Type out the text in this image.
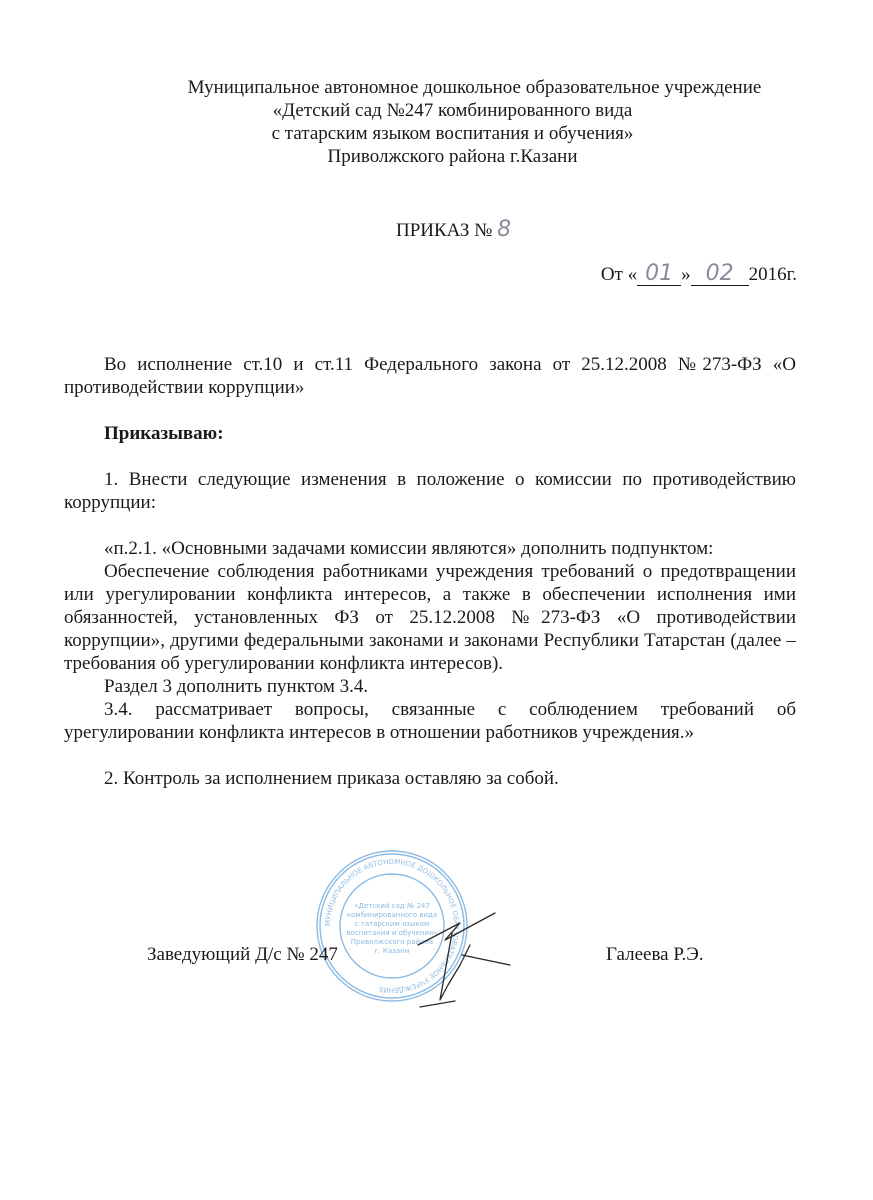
Муниципальное автономное дошкольное образовательное учреждение
«Детский сад №247 комбинированного вида
с татарским языком воспитания и обучения»
Приволжского района г.Казани
ПРИКАЗ № 8
От « 01 » 02 2016г.

Во исполнение ст.10 и ст.11 Федерального закона от 25.12.2008 №273-ФЗ «О противодействии коррупции»

Приказываю:

1. Внести следующие изменения в положение о комиссии по противодействию коррупции:

«п.2.1. «Основными задачами комиссии являются» дополнить подпунктом:

Обеспечение соблюдения работниками учреждения требований о предотвращении или урегулировании конфликта интересов, а также в обеспечении исполнения ими обязанностей, установленных ФЗ от 25.12.2008 №273-ФЗ «О противодействии коррупции», другими федеральными законами и законами Республики Татарстан (далее – требования об урегулировании конфликта интересов).

Раздел 3 дополнить пунктом 3.4.

3.4. рассматривает вопросы, связанные с соблюдением требований об урегулировании конфликта интересов в отношении работников учреждения.»

2. Контроль за исполнением приказа оставляю за собой.

МУНИЦИПАЛЬНОЕ АВТОНОМНОЕ ДОШКОЛЬНОЕ ОБРАЗОВАТЕЛЬНОЕ УЧРЕЖДЕНИЕ
«Детский сад № 247
комбинированного вида
с татарским языком
воспитания и обучения»
Приволжского района
г. Казани
Заведующий Д/с № 247	Галеева Р.Э.
